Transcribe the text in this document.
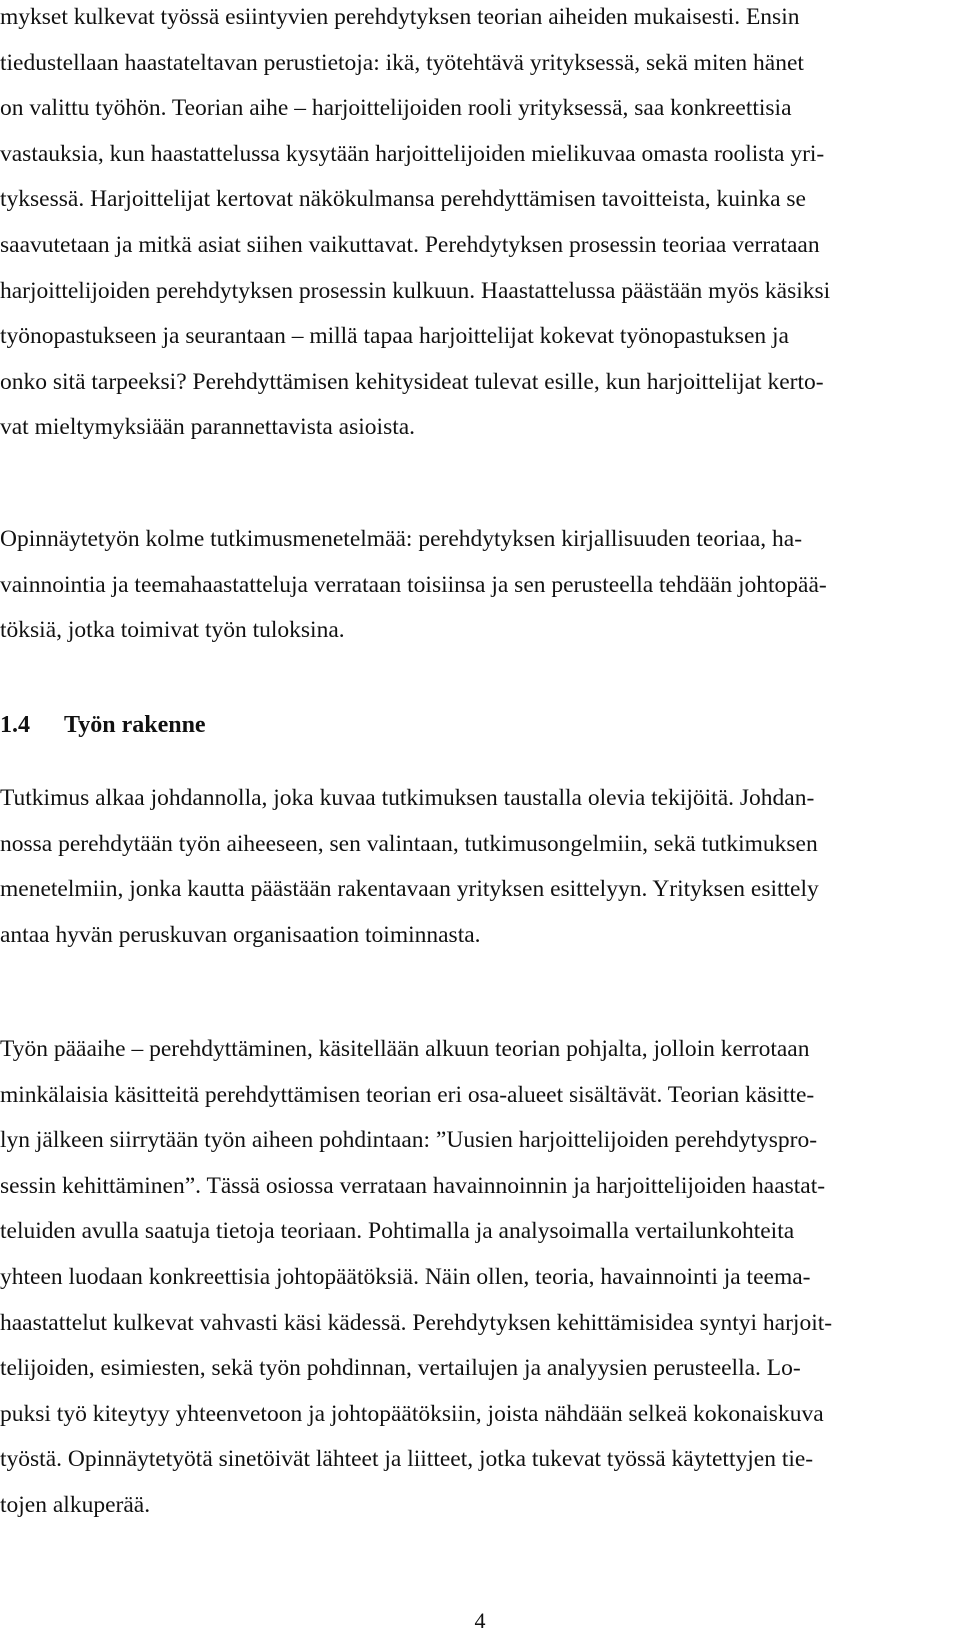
mykset kulkevat työssä esiintyvien perehdytyksen teorian aiheiden mukaisesti. Ensin
tiedustellaan haastateltavan perustietoja: ikä, työtehtävä yrityksessä, sekä miten hänet
on valittu työhön. Teorian aihe – harjoittelijoiden rooli yrityksessä, saa konkreettisia
vastauksia, kun haastattelussa kysytään harjoittelijoiden mielikuvaa omasta roolista yri-
tyksessä. Harjoittelijat kertovat näkökulmansa perehdyttämisen tavoitteista, kuinka se
saavutetaan ja mitkä asiat siihen vaikuttavat. Perehdytyksen prosessin teoriaa verrataan
harjoittelijoiden perehdytyksen prosessin kulkuun. Haastattelussa päästään myös käsiksi
työnopastukseen ja seurantaan – millä tapaa harjoittelijat kokevat työnopastuksen ja
onko sitä tarpeeksi? Perehdyttämisen kehitysideat tulevat esille, kun harjoittelijat kerto-
vat mieltymyksiään parannettavista asioista.

Opinnäytetyön kolme tutkimusmenetelmää: perehdytyksen kirjallisuuden teoriaa, ha-
vainnointia ja teemahaastatteluja verrataan toisiinsa ja sen perusteella tehdään johtopää-
töksiä, jotka toimivat työn tuloksina.

1.4 Työn rakenne

Tutkimus alkaa johdannolla, joka kuvaa tutkimuksen taustalla olevia tekijöitä. Johdan-
nossa perehdytään työn aiheeseen, sen valintaan, tutkimusongelmiin, sekä tutkimuksen
menetelmiin, jonka kautta päästään rakentavaan yrityksen esittelyyn. Yrityksen esittely
antaa hyvän peruskuvan organisaation toiminnasta.

Työn pääaihe – perehdyttäminen, käsitellään alkuun teorian pohjalta, jolloin kerrotaan
minkälaisia käsitteitä perehdyttämisen teorian eri osa-alueet sisältävät. Teorian käsitte-
lyn jälkeen siirrytään työn aiheen pohdintaan: ”Uusien harjoittelijoiden perehdytyspro-
sessin kehittäminen”. Tässä osiossa verrataan havainnoinnin ja harjoittelijoiden haastat-
teluiden avulla saatuja tietoja teoriaan. Pohtimalla ja analysoimalla vertailunkohteita
yhteen luodaan konkreettisia johtopäätöksiä. Näin ollen, teoria, havainnointi ja teema-
haastattelut kulkevat vahvasti käsi kädessä. Perehdytyksen kehittämisidea syntyi harjoit-
telijoiden, esimiesten, sekä työn pohdinnan, vertailujen ja analyysien perusteella. Lo-
puksi työ kiteytyy yhteenvetoon ja johtopäätöksiin, joista nähdään selkeä kokonaiskuva
työstä. Opinnäytetyötä sinetöivät lähteet ja liitteet, jotka tukevat työssä käytettyjen tie-
tojen alkuperää.

4
